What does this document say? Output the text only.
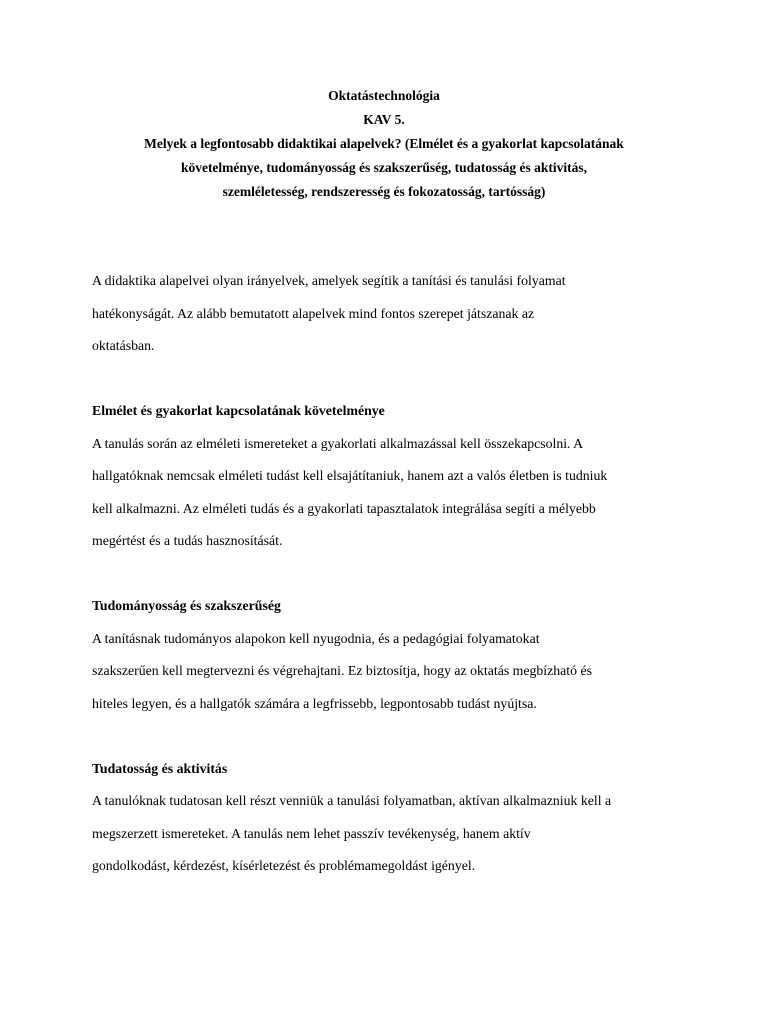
Oktatástechnológia
KAV 5.
Melyek a legfontosabb didaktikai alapelvek? (Elmélet és a gyakorlat kapcsolatának
követelménye, tudományosság és szakszerűség, tudatosság és aktivitás,
szemléletesség, rendszeresség és fokozatosság, tartósság)
A didaktika alapelvei olyan irányelvek, amelyek segítik a tanítási és tanulási folyamat
hatékonyságát. Az alább bemutatott alapelvek mind fontos szerepet játszanak az
oktatásban.
Elmélet és gyakorlat kapcsolatának követelménye
A tanulás során az elméleti ismereteket a gyakorlati alkalmazással kell összekapcsolni. A
hallgatóknak nemcsak elméleti tudást kell elsajátítaniuk, hanem azt a valós életben is tudniuk
kell alkalmazni. Az elméleti tudás és a gyakorlati tapasztalatok integrálása segíti a mélyebb
megértést és a tudás hasznosítását.
Tudományosság és szakszerűség
A tanításnak tudományos alapokon kell nyugodnia, és a pedagógiai folyamatokat
szakszerűen kell megtervezni és végrehajtani. Ez biztosítja, hogy az oktatás megbízható és
hiteles legyen, és a hallgatók számára a legfrissebb, legpontosabb tudást nyújtsa.
Tudatosság és aktivitás
A tanulóknak tudatosan kell részt venniük a tanulási folyamatban, aktívan alkalmazniuk kell a
megszerzett ismereteket. A tanulás nem lehet passzív tevékenység, hanem aktív
gondolkodást, kérdezést, kísérletezést és problémamegoldást igényel.
